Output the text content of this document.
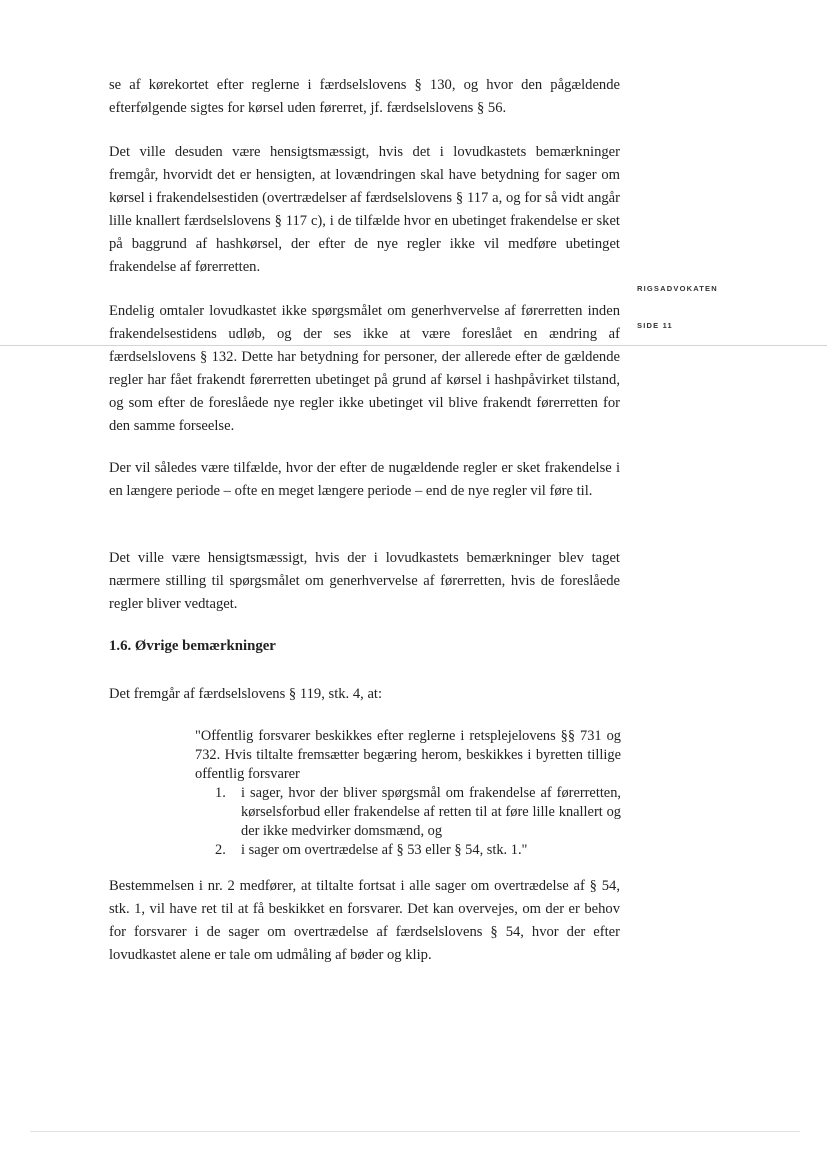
RIGSADVOKATEN
SIDE 11

se af kørekortet efter reglerne i færdselslovens § 130, og hvor den pågældende efterfølgende sigtes for kørsel uden førerret, jf. færdselslovens § 56.

Det ville desuden være hensigtsmæssigt, hvis det i lovudkastets bemærkninger fremgår, hvorvidt det er hensigten, at lovændringen skal have betydning for sager om kørsel i frakendelsestiden (overtrædelser af færdselslovens § 117 a, og for så vidt angår lille knallert færdselslovens § 117 c), i de tilfælde hvor en ubetinget frakendelse er sket på baggrund af hashkørsel, der efter de nye regler ikke vil medføre ubetinget frakendelse af førerretten.

Endelig omtaler lovudkastet ikke spørgsmålet om generhvervelse af førerretten inden frakendelsestidens udløb, og der ses ikke at være foreslået en ændring af færdselslovens § 132. Dette har betydning for personer, der allerede efter de gældende regler har fået frakendt førerretten ubetinget på grund af kørsel i hashpåvirket tilstand, og som efter de foreslåede nye regler ikke ubetinget vil blive frakendt førerretten for den samme forseelse.

Der vil således være tilfælde, hvor der efter de nugældende regler er sket frakendelse i en længere periode – ofte en meget længere periode – end de nye regler vil føre til.

Det ville være hensigtsmæssigt, hvis der i lovudkastets bemærkninger blev taget nærmere stilling til spørgsmålet om generhvervelse af førerretten, hvis de foreslåede regler bliver vedtaget.

1.6. Øvrige bemærkninger

Det fremgår af færdselslovens § 119, stk. 4, at:

"Offentlig forsvarer beskikkes efter reglerne i retsplejelovens §§ 731 og 732. Hvis tiltalte fremsætter begæring herom, beskikkes i byretten tillige offentlig forsvarer

1. i sager, hvor der bliver spørgsmål om frakendelse af førerretten, kørselsforbud eller frakendelse af retten til at føre lille knallert og der ikke medvirker domsmænd, og
2. i sager om overtrædelse af § 53 eller § 54, stk. 1."

Bestemmelsen i nr. 2 medfører, at tiltalte fortsat i alle sager om overtrædelse af § 54, stk. 1, vil have ret til at få beskikket en forsvarer. Det kan overvejes, om der er behov for forsvarer i de sager om overtrædelse af færdselslovens § 54, hvor der efter lovudkastet alene er tale om udmåling af bøder og klip.
